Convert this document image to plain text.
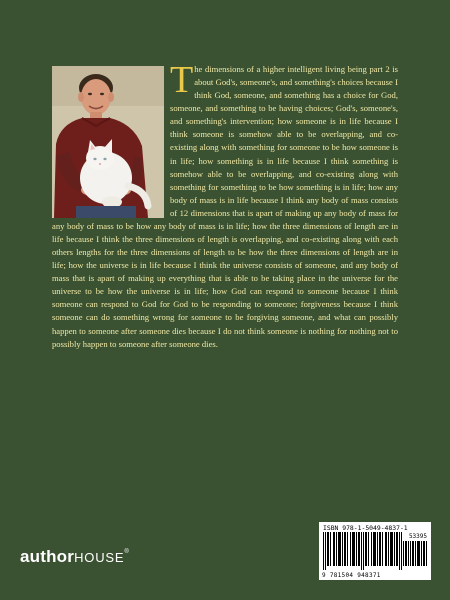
The dimensions of a higher intelligent living being part 2 is about God's, someone's, and something's choices because I think God, someone, and something has a choice for God, someone, and something to be having choices; God's, someone's, and something's intervention; how someone is in life because I think someone is somehow able to be overlapping, and co-existing along with something for someone to be how someone is in life; how something is in life because I think something is somehow able to be overlapping, and co-existing along with something for something to be how something is in life; how any body of mass is in life because I think any body of mass consists of 12 dimensions that is apart of making up any body of mass for any body of mass to be how any body of mass is in life; how the three dimensions of length are in life because I think the three dimensions of length is overlapping, and co-existing along with each others lengths for the three dimensions of length to be how the three dimensions of length are in life; how the universe is in life because I think the universe consists of someone, and any body of mass that is apart of making up everything that is able to be taking place in the universe for the universe to be how the universe is in life; how God can respond to someone because I think someone can respond to God for God to be responding to someone; forgiveness because I think someone can do something wrong for someone to be forgiving someone, and what can possibly happen to someone after someone dies because I do not think someone is nothing for nothing not to possibly happen to someone after someone dies.

authorHOUSE®
ISBN 978-1-5049-4837-1
53395
9 781504 948371
